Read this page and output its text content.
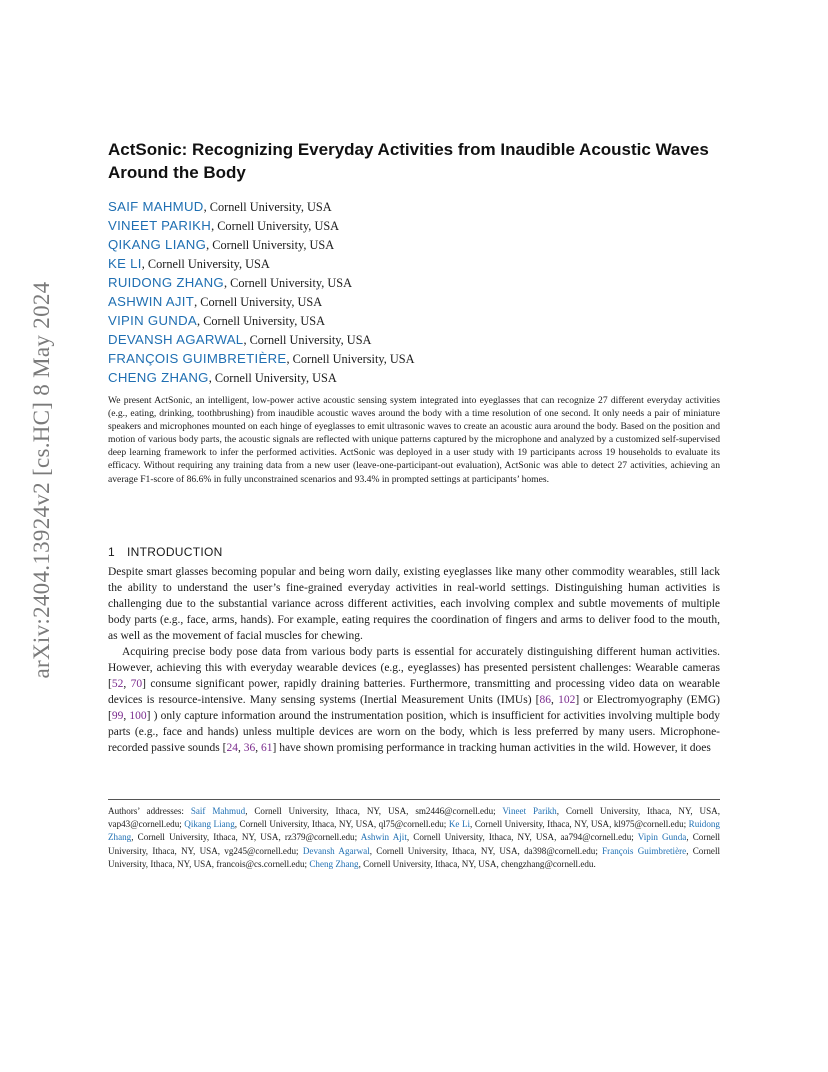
arXiv:2404.13924v2 [cs.HC] 8 May 2024
ActSonic: Recognizing Everyday Activities from Inaudible Acoustic Waves Around the Body
SAIF MAHMUD, Cornell University, USA
VINEET PARIKH, Cornell University, USA
QIKANG LIANG, Cornell University, USA
KE LI, Cornell University, USA
RUIDONG ZHANG, Cornell University, USA
ASHWIN AJIT, Cornell University, USA
VIPIN GUNDA, Cornell University, USA
DEVANSH AGARWAL, Cornell University, USA
FRANÇOIS GUIMBRETIÈRE, Cornell University, USA
CHENG ZHANG, Cornell University, USA

We present ActSonic, an intelligent, low-power active acoustic sensing system integrated into eyeglasses that can recognize 27 different everyday activities (e.g., eating, drinking, toothbrushing) from inaudible acoustic waves around the body with a time resolution of one second. It only needs a pair of miniature speakers and microphones mounted on each hinge of eyeglasses to emit ultrasonic waves to create an acoustic aura around the body. Based on the position and motion of various body parts, the acoustic signals are reflected with unique patterns captured by the microphone and analyzed by a customized self-supervised deep learning framework to infer the performed activities. ActSonic was deployed in a user study with 19 participants across 19 households to evaluate its efficacy. Without requiring any training data from a new user (leave-one-participant-out evaluation), ActSonic was able to detect 27 activities, achieving an average F1-score of 86.6% in fully unconstrained scenarios and 93.4% in prompted settings at participants’ homes.

1 INTRODUCTION

Despite smart glasses becoming popular and being worn daily, existing eyeglasses like many other commodity wearables, still lack the ability to understand the user’s fine-grained everyday activities in real-world settings. Distinguishing human activities is challenging due to the substantial variance across different activities, each involving complex and subtle movements of multiple body parts (e.g., face, arms, hands). For example, eating requires the coordination of fingers and arms to deliver food to the mouth, as well as the movement of facial muscles for chewing.

Acquiring precise body pose data from various body parts is essential for accurately distinguishing different human activities. However, achieving this with everyday wearable devices (e.g., eyeglasses) has presented persistent challenges: Wearable cameras [52, 70] consume significant power, rapidly draining batteries. Furthermore, transmitting and processing video data on wearable devices is resource-intensive. Many sensing systems (Inertial Measurement Units (IMUs) [86, 102] or Electromyography (EMG) [99, 100] ) only capture information around the instrumentation position, which is insufficient for activities involving multiple body parts (e.g., face and hands) unless multiple devices are worn on the body, which is less preferred by many users. Microphone-recorded passive sounds [24, 36, 61] have shown promising performance in tracking human activities in the wild. However, it does

Authors’ addresses: Saif Mahmud, Cornell University, Ithaca, NY, USA, sm2446@cornell.edu; Vineet Parikh, Cornell University, Ithaca, NY, USA, vap43@cornell.edu; Qikang Liang, Cornell University, Ithaca, NY, USA, ql75@cornell.edu; Ke Li, Cornell University, Ithaca, NY, USA, kl975@cornell.edu; Ruidong Zhang, Cornell University, Ithaca, NY, USA, rz379@cornell.edu; Ashwin Ajit, Cornell University, Ithaca, NY, USA, aa794@cornell.edu; Vipin Gunda, Cornell University, Ithaca, NY, USA, vg245@cornell.edu; Devansh Agarwal, Cornell University, Ithaca, NY, USA, da398@cornell.edu; François Guimbretière, Cornell University, Ithaca, NY, USA, francois@cs.cornell.edu; Cheng Zhang, Cornell University, Ithaca, NY, USA, chengzhang@cornell.edu.
